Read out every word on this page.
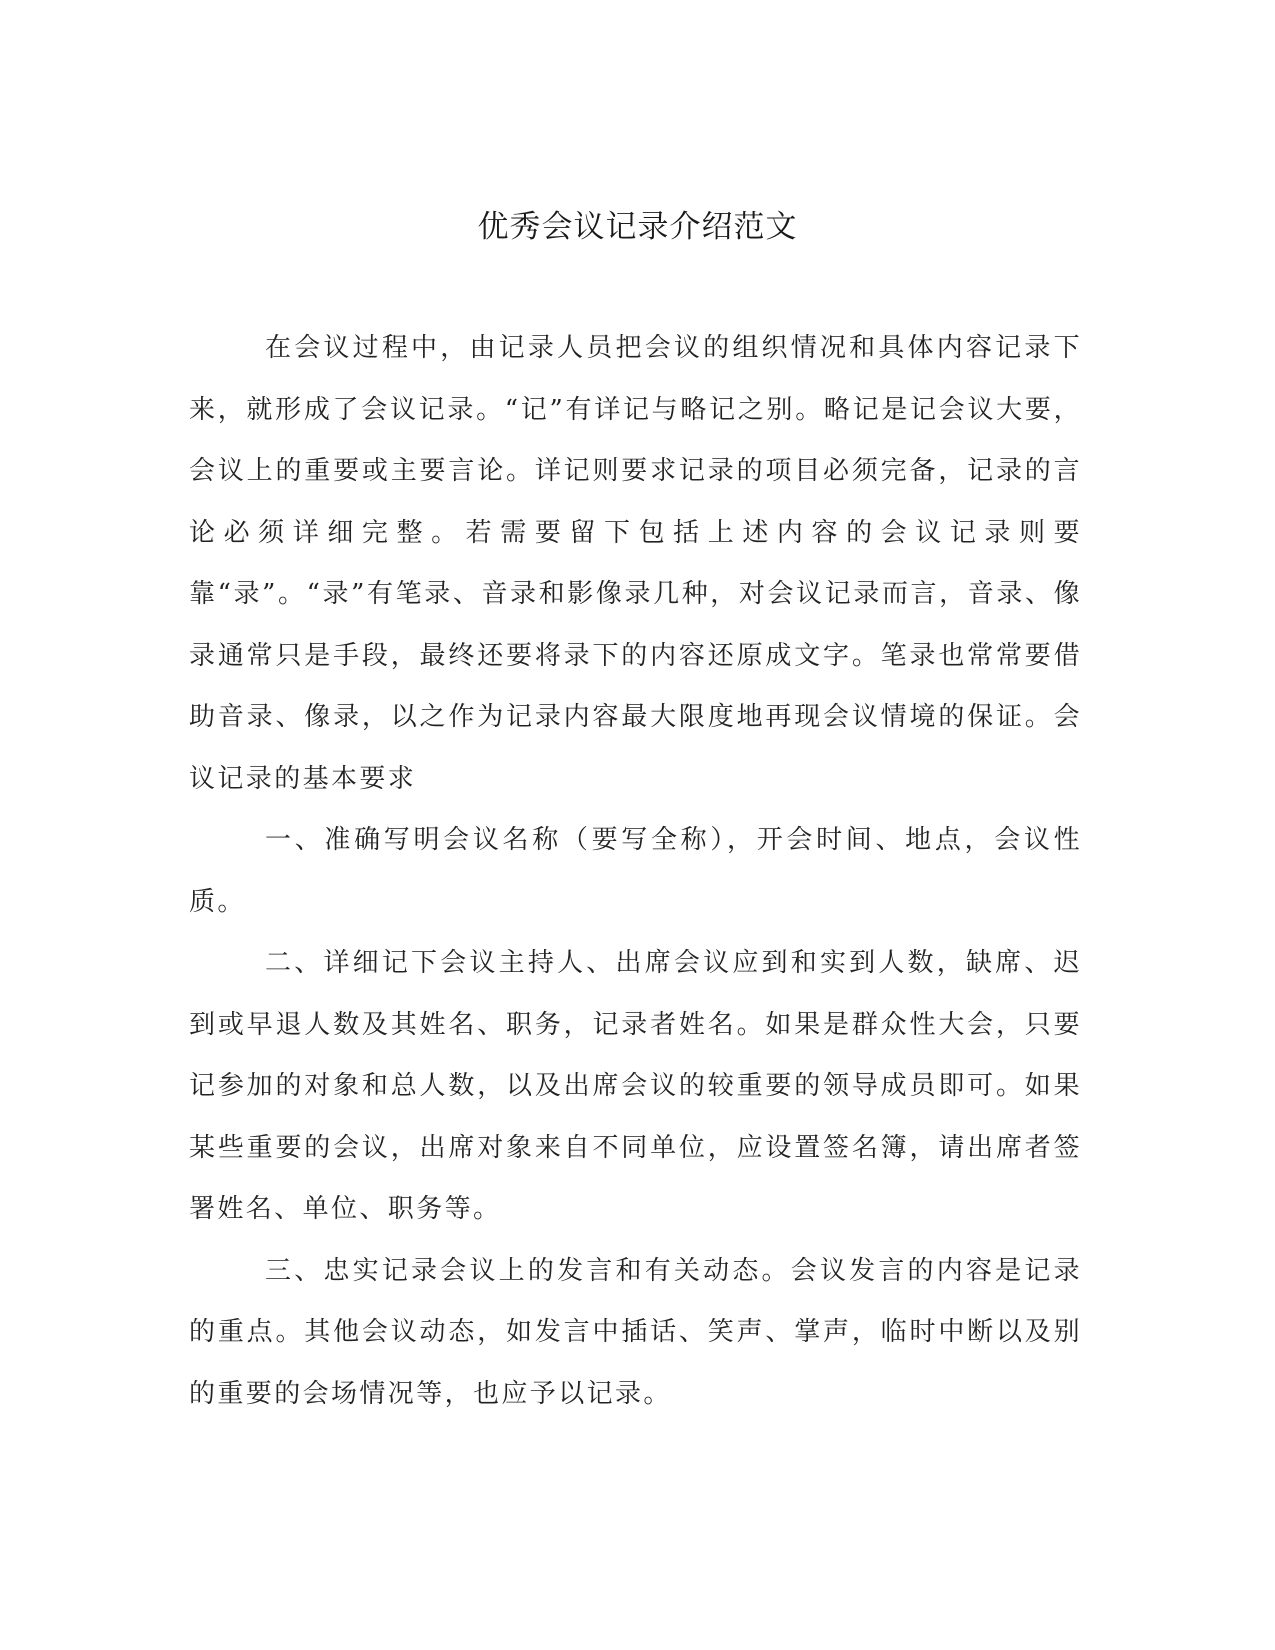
优秀会议记录介绍范文

在会议过程中，由记录人员把会议的组织情况和具体内容记录下来，就形成了会议记录。“记”有详记与略记之别。略记是记会议大要，会议上的重要或主要言论。详记则要求记录的项目必须完备，记录的言论必须详细完整。若需要留下包括上述内容的会议记录则要靠“录”。“录”有笔录、音录和影像录几种，对会议记录而言，音录、像录通常只是手段，最终还要将录下的内容还原成文字。笔录也常常要借助音录、像录，以之作为记录内容最大限度地再现会议情境的保证。会议记录的基本要求

一、准确写明会议名称（要写全称），开会时间、地点，会议性质。

二、详细记下会议主持人、出席会议应到和实到人数，缺席、迟到或早退人数及其姓名、职务，记录者姓名。如果是群众性大会，只要记参加的对象和总人数，以及出席会议的较重要的领导成员即可。如果某些重要的会议，出席对象来自不同单位，应设置签名簿，请出席者签署姓名、单位、职务等。

三、忠实记录会议上的发言和有关动态。会议发言的内容是记录的重点。其他会议动态，如发言中插话、笑声、掌声，临时中断以及别的重要的会场情况等，也应予以记录。
